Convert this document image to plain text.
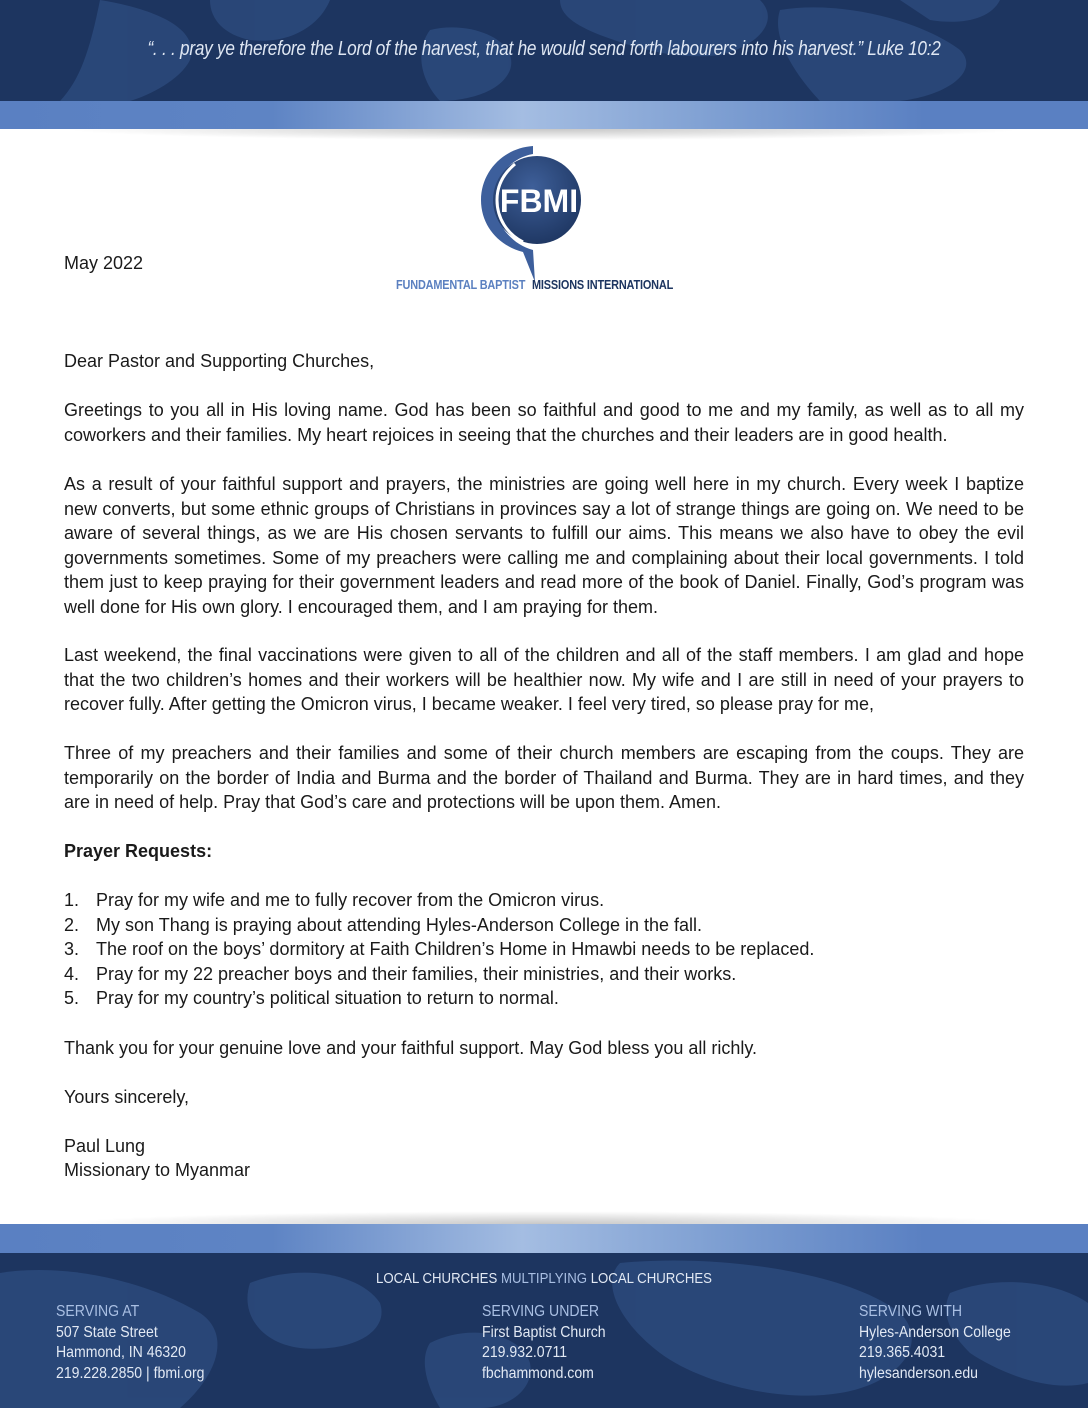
“. . . pray ye therefore the Lord of the harvest, that he would send forth labourers into his harvest.” Luke 10:2
FBMI
FUNDAMENTAL BAPTIST MISSIONS INTERNATIONAL

May 2022

Dear Pastor and Supporting Churches,

Greetings to you all in His loving name. God has been so faithful and good to me and my family, as well as to all my coworkers and their families. My heart rejoices in seeing that the churches and their leaders are in good health.

As a result of your faithful support and prayers, the ministries are going well here in my church. Every week I baptize new converts, but some ethnic groups of Christians in provinces say a lot of strange things are going on. We need to be aware of several things, as we are His chosen servants to fulfill our aims. This means we also have to obey the evil governments sometimes. Some of my preachers were calling me and complaining about their local governments. I told them just to keep praying for their government leaders and read more of the book of Daniel. Finally, God’s program was well done for His own glory. I encouraged them, and I am praying for them.

Last weekend, the final vaccinations were given to all of the children and all of the staff members. I am glad and hope that the two children’s homes and their workers will be healthier now. My wife and I are still in need of your prayers to recover fully. After getting the Omicron virus, I became weaker. I feel very tired, so please pray for me,

Three of my preachers and their families and some of their church members are escaping from the coups. They are temporarily on the border of India and Burma and the border of Thailand and Burma. They are in hard times, and they are in need of help. Pray that God’s care and protections will be upon them. Amen.

Prayer Requests:

1. Pray for my wife and me to fully recover from the Omicron virus.
2. My son Thang is praying about attending Hyles-Anderson College in the fall.
3. The roof on the boys’ dormitory at Faith Children’s Home in Hmawbi needs to be replaced.
4. Pray for my 22 preacher boys and their families, their ministries, and their works.
5. Pray for my country’s political situation to return to normal.

Thank you for your genuine love and your faithful support. May God bless you all richly.

Yours sincerely,

Paul Lung

Missionary to Myanmar

LOCAL CHURCHES MULTIPLYING LOCAL CHURCHES
SERVING AT
507 State Street
Hammond, IN 46320
219.228.2850 | fbmi.org
SERVING UNDER
First Baptist Church
219.932.0711
fbchammond.com
SERVING WITH
Hyles-Anderson College
219.365.4031
hylesanderson.edu
